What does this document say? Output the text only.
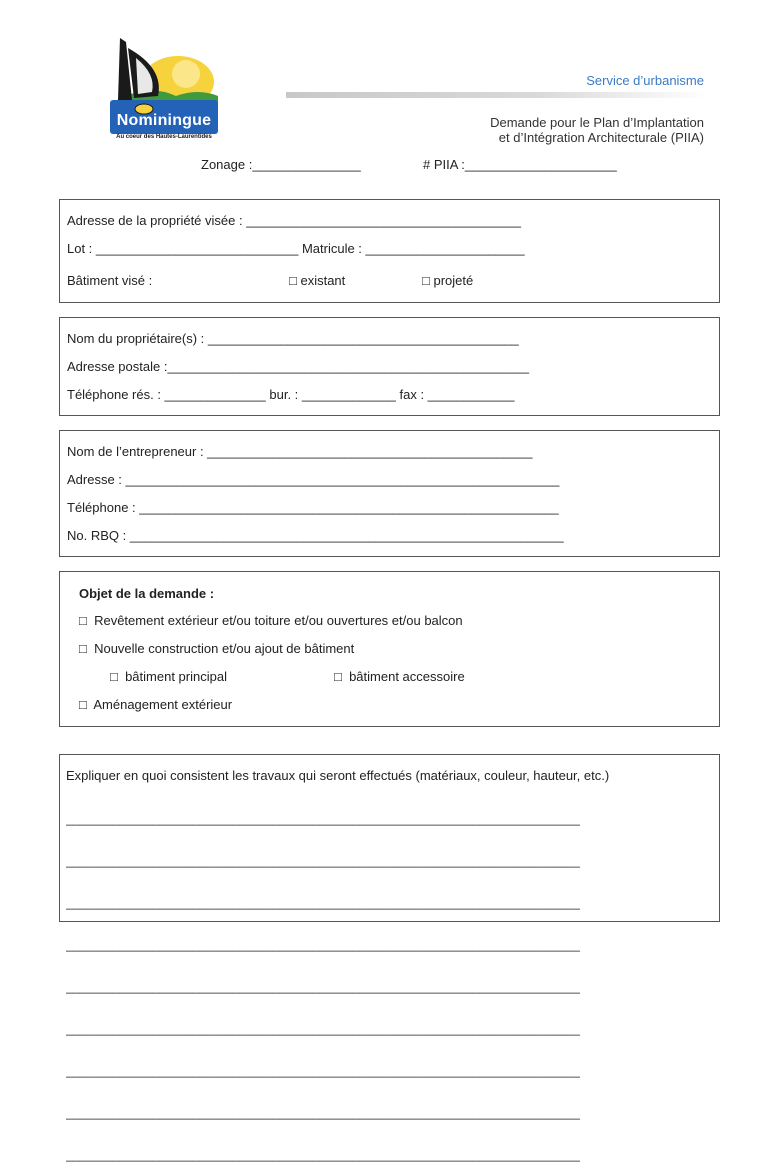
Nominingue
Au coeur des Hautes-Laurentides
Service d’urbanisme
Demande pour le Plan d’Implantation
et d’Intégration Architecturale (PIIA)
Zonage :_______________	# PIIA :_____________________
Adresse de la propriété visée : ______________________________________
Lot : ____________________________ Matricule : ______________________
Bâtiment visé :	□ existant	□ projeté
Nom du propriétaire(s) : ___________________________________________
Adresse postale :__________________________________________________
Téléphone rés. : ______________ bur. : _____________ fax : ____________
Nom de l’entrepreneur : _____________________________________________
Adresse : ____________________________________________________________
Téléphone : __________________________________________________________
No. RBQ : ____________________________________________________________
Objet de la demande :
□  Revêtement extérieur et/ou toiture et/ou ouvertures et/ou balcon
□  Nouvelle construction et/ou ajout de bâtiment
□  bâtiment principal	□  bâtiment accessoire
□  Aménagement extérieur
Expliquer en quoi consistent les travaux qui seront effectués (matériaux, couleur, hauteur, etc.)

_____________________________________________________________________________

_____________________________________________________________________________

_____________________________________________________________________________

_____________________________________________________________________________

_____________________________________________________________________________

_____________________________________________________________________________

_____________________________________________________________________________

_____________________________________________________________________________

_____________________________________________________________________________
